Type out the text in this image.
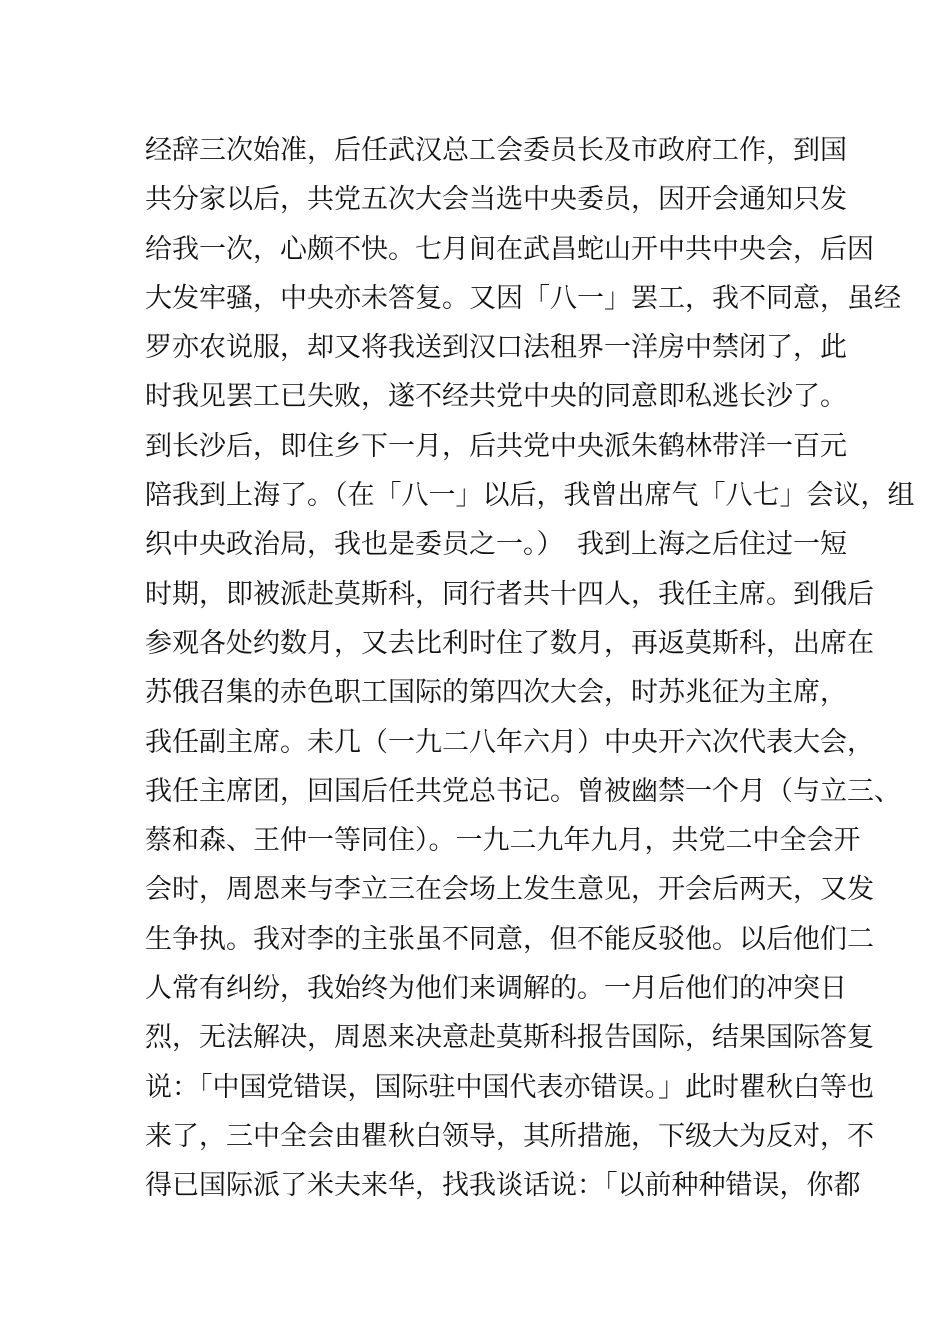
经辞三次始准，后任武汉总工会委员长及市政府工作，到国
共分家以后，共党五次大会当选中央委员，因开会通知只发
给我一次，心颇不快。七月间在武昌蛇山开中共中央会，后因
大发牢骚，中央亦未答复。又因「八一」罢工，我不同意，虽经
罗亦农说服，却又将我送到汉口法租界一洋房中禁闭了，此
时我见罢工已失败，遂不经共党中央的同意即私逃长沙了。
到长沙后，即住乡下一月，后共党中央派朱鹤林带洋一百元
陪我到上海了。（在「八一」以后，我曾出席气「八七」会议，组
织中央政治局，我也是委员之一。）　我到上海之后住过一短
时期，即被派赴莫斯科，同行者共十四人，我任主席。到俄后
参观各处约数月，又去比利时住了数月，再返莫斯科，出席在
苏俄召集的赤色职工国际的第四次大会，时苏兆征为主席，
我任副主席。未几（一九二八年六月）中央开六次代表大会，
我任主席团，回国后任共党总书记。曾被幽禁一个月（与立三、
蔡和森、王仲一等同住）。一九二九年九月，共党二中全会开
会时，周恩来与李立三在会场上发生意见，开会后两天，又发
生争执。我对李的主张虽不同意，但不能反驳他。以后他们二
人常有纠纷，我始终为他们来调解的。一月后他们的冲突日
烈，无法解决，周恩来决意赴莫斯科报告国际，结果国际答复
说：「中国党错误，国际驻中国代表亦错误。」此时瞿秋白等也
来了，三中全会由瞿秋白领导，其所措施，下级大为反对，不
得已国际派了米夫来华，找我谈话说：「以前种种错误，你都
